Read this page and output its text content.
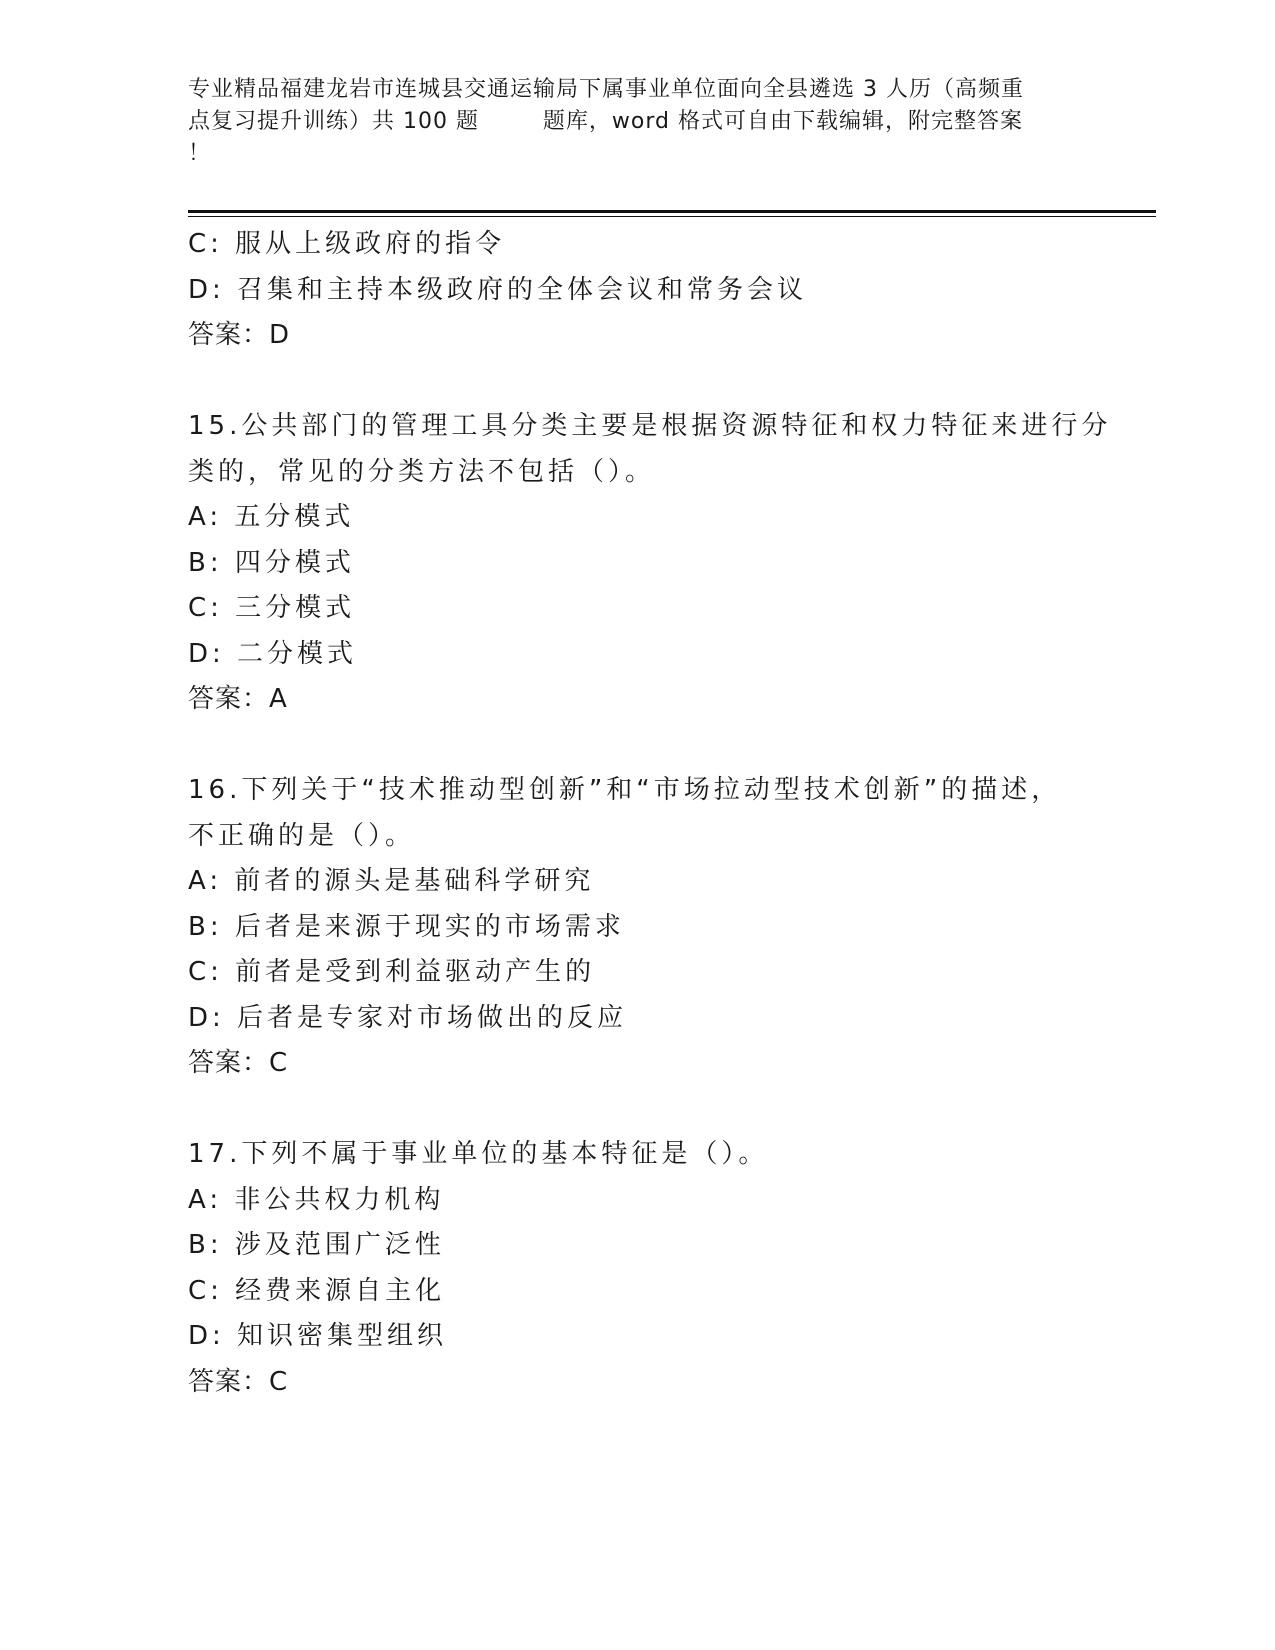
专业精品福建龙岩市连城县交通运输局下属事业单位面向全县遴选 3 人历（高频重
点复习提升训练）共 100 题        题库，word 格式可自由下载编辑，附完整答案
！
C: 服从上级政府的指令
D: 召集和主持本级政府的全体会议和常务会议
答案：D
15.公共部门的管理工具分类主要是根据资源特征和权力特征来进行分
类的，常见的分类方法不包括（）。
A: 五分模式
B: 四分模式
C: 三分模式
D: 二分模式
答案：A
16.下列关于“技术推动型创新”和“市场拉动型技术创新”的描述，
不正确的是（）。
A: 前者的源头是基础科学研究
B: 后者是来源于现实的市场需求
C: 前者是受到利益驱动产生的
D: 后者是专家对市场做出的反应
答案：C
17.下列不属于事业单位的基本特征是（）。
A: 非公共权力机构
B: 涉及范围广泛性
C: 经费来源自主化
D: 知识密集型组织
答案：C
